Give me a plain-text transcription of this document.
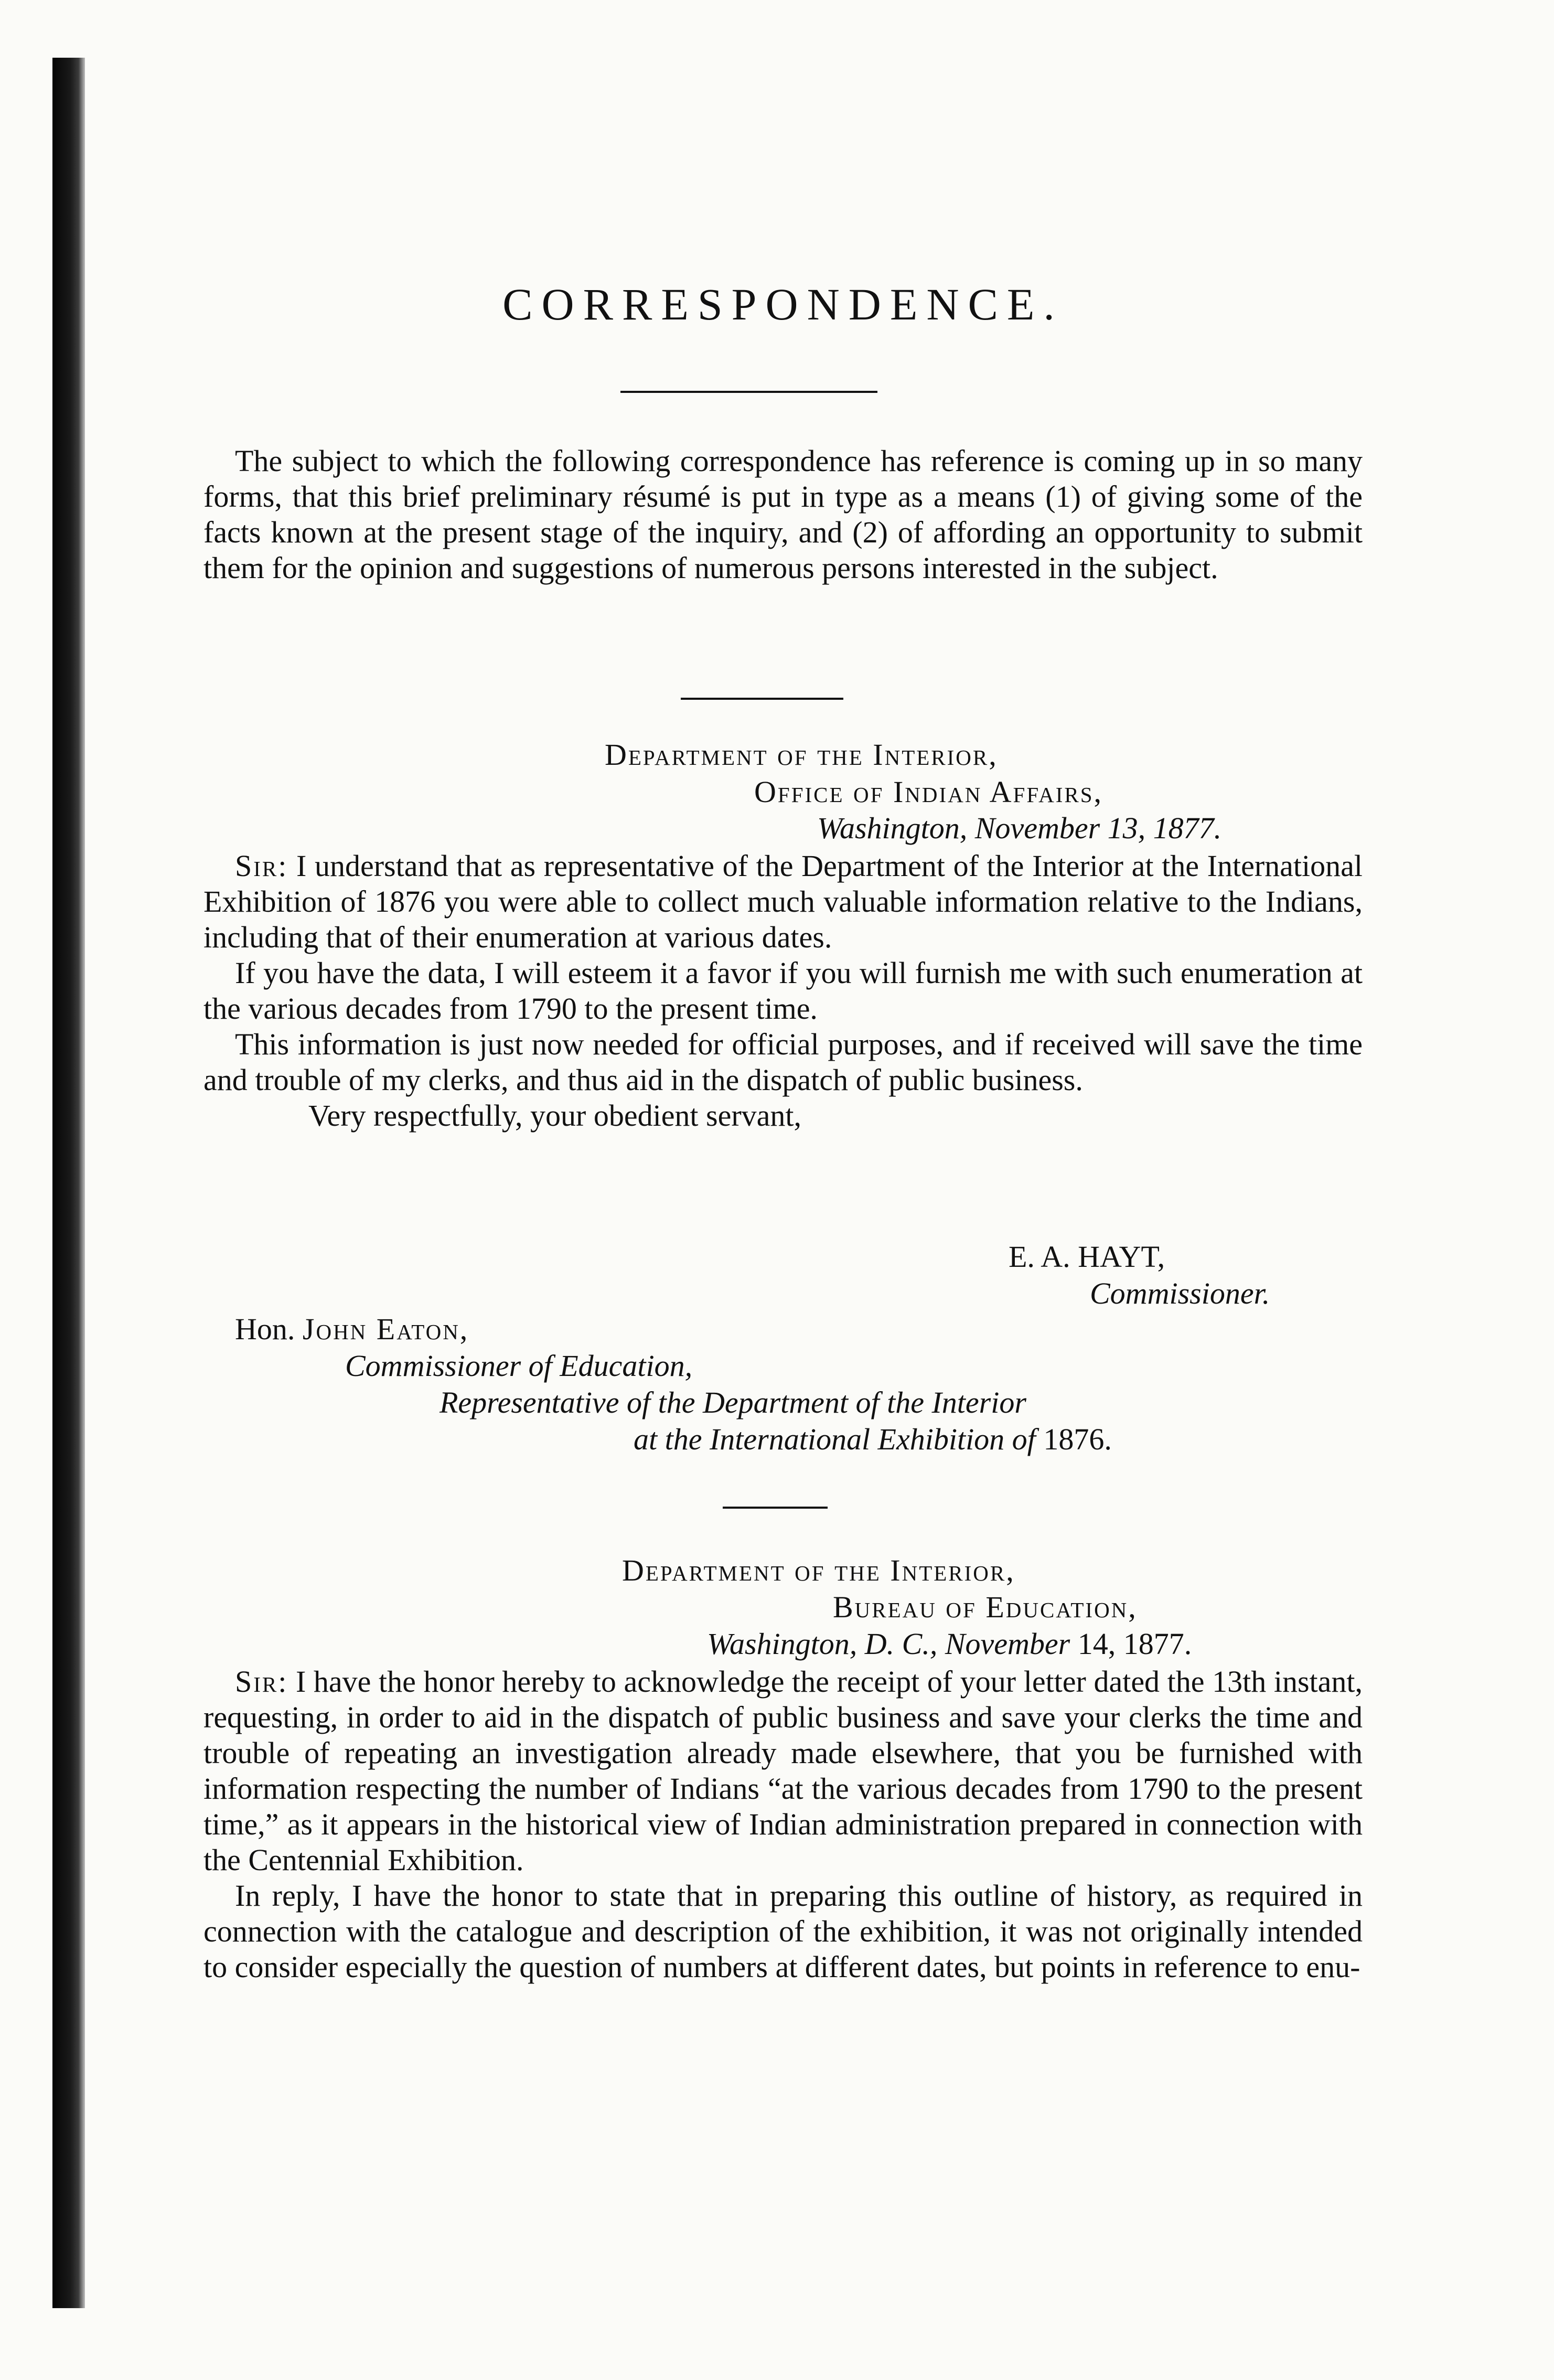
CORRESPONDENCE.

The subject to which the following correspondence has reference is coming up in so many forms, that this brief preliminary résumé is put in type as a means (1) of giving some of the facts known at the present stage of the inquiry, and (2) of affording an opportunity to submit them for the opinion and suggestions of numerous persons interested in the subject.

Department of the Interior,
Office of Indian Affairs,
Washington, November 13, 1877.

Sir: I understand that as representative of the Department of the Interior at the International Exhibition of 1876 you were able to collect much valuable information relative to the Indians, including that of their enumeration at various dates.

If you have the data, I will esteem it a favor if you will furnish me with such enumeration at the various decades from 1790 to the present time.

This information is just now needed for official purposes, and if received will save the time and trouble of my clerks, and thus aid in the dispatch of public business.

Very respectfully, your obedient servant,

E. A. HAYT,
Commissioner.
Hon. John Eaton,
Commissioner of Education,
Representative of the Department of the Interior
at the International Exhibition of 1876.
Department of the Interior,
Bureau of Education,
Washington, D. C., November 14, 1877.

Sir: I have the honor hereby to acknowledge the receipt of your letter dated the 13th instant, requesting, in order to aid in the dispatch of public business and save your clerks the time and trouble of repeating an investigation already made elsewhere, that you be furnished with information respecting the number of Indians “at the various decades from 1790 to the present time,” as it appears in the historical view of Indian administration prepared in connection with the Centennial Exhibition.

In reply, I have the honor to state that in preparing this outline of history, as required in connection with the catalogue and description of the exhibition, it was not originally intended to consider especially the question of numbers at different dates, but points in reference to enu-
